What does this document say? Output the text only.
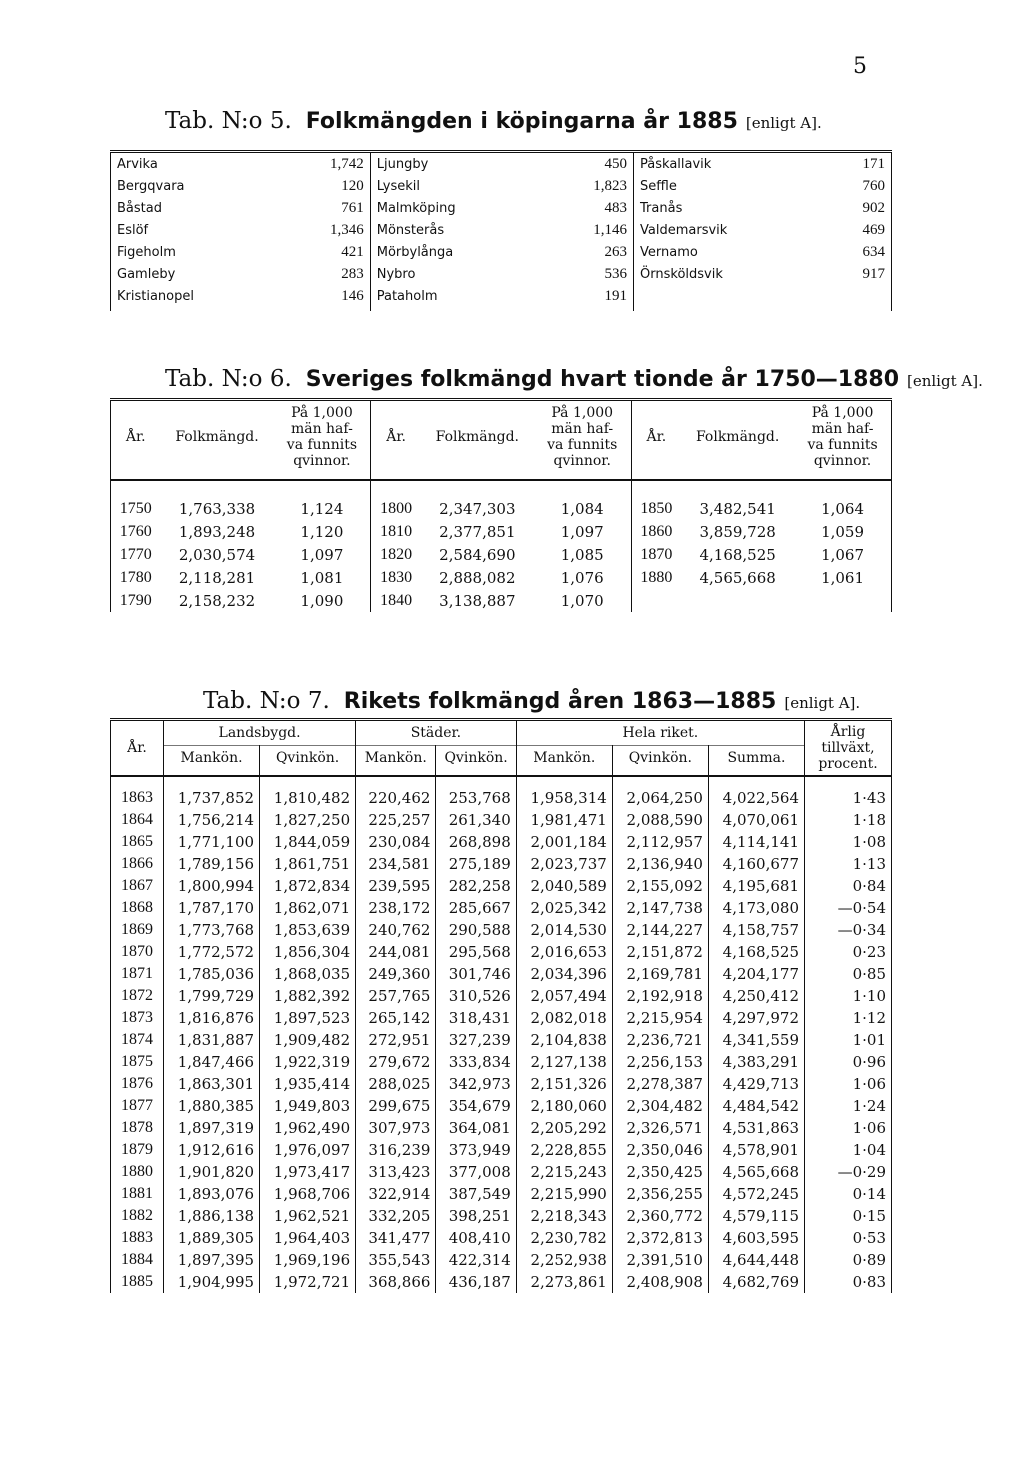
5
Tab. N:o 5. Folkmängden i köpingarna år 1885 [enligt A].
Arvika	1,742	Ljungby	450	Påskallavik	171
Bergqvara	120	Lysekil	1,823	Seffle	760
Båstad	761	Malmköping	483	Tranås	902
Eslöf	1,346	Mönsterås	1,146	Valdemarsvik	469
Figeholm	421	Mörbylånga	263	Vernamo	634
Gamleby	283	Nybro	536	Örnsköldsvik	917
Kristianopel	146	Pataholm	191		
Tab. N:o 6. Sveriges folkmängd hvart tionde år 1750—1880 [enligt A].
År.	Folkmängd.	På 1,000
män haf-
va funnits
qvinnor.	År.	Folkmängd.	På 1,000
män haf-
va funnits
qvinnor.	År.	Folkmängd.	På 1,000
män haf-
va funnits
qvinnor.

1750	1,763,338	1,124	1800	2,347,303	1,084	1850	3,482,541	1,064
1760	1,893,248	1,120	1810	2,377,851	1,097	1860	3,859,728	1,059
1770	2,030,574	1,097	1820	2,584,690	1,085	1870	4,168,525	1,067
1780	2,118,281	1,081	1830	2,888,082	1,076	1880	4,565,668	1,061
1790	2,158,232	1,090	1840	3,138,887	1,070			
Tab. N:o 7. Rikets folkmängd åren 1863—1885 [enligt A].
År.	Landsbygd.		Städer.		Hela riket.			Årlig
tillväxt,
procent.
	Mankön.	Qvinkön.	Mankön.	Qvinkön.	Mankön.	Qvinkön.	Summa.	

1863	1,737,852	1,810,482	220,462	253,768	1,958,314	2,064,250	4,022,564	1·43
1864	1,756,214	1,827,250	225,257	261,340	1,981,471	2,088,590	4,070,061	1·18
1865	1,771,100	1,844,059	230,084	268,898	2,001,184	2,112,957	4,114,141	1·08
1866	1,789,156	1,861,751	234,581	275,189	2,023,737	2,136,940	4,160,677	1·13
1867	1,800,994	1,872,834	239,595	282,258	2,040,589	2,155,092	4,195,681	0·84
1868	1,787,170	1,862,071	238,172	285,667	2,025,342	2,147,738	4,173,080	—0·54
1869	1,773,768	1,853,639	240,762	290,588	2,014,530	2,144,227	4,158,757	—0·34
1870	1,772,572	1,856,304	244,081	295,568	2,016,653	2,151,872	4,168,525	0·23
1871	1,785,036	1,868,035	249,360	301,746	2,034,396	2,169,781	4,204,177	0·85
1872	1,799,729	1,882,392	257,765	310,526	2,057,494	2,192,918	4,250,412	1·10
1873	1,816,876	1,897,523	265,142	318,431	2,082,018	2,215,954	4,297,972	1·12
1874	1,831,887	1,909,482	272,951	327,239	2,104,838	2,236,721	4,341,559	1·01
1875	1,847,466	1,922,319	279,672	333,834	2,127,138	2,256,153	4,383,291	0·96
1876	1,863,301	1,935,414	288,025	342,973	2,151,326	2,278,387	4,429,713	1·06
1877	1,880,385	1,949,803	299,675	354,679	2,180,060	2,304,482	4,484,542	1·24
1878	1,897,319	1,962,490	307,973	364,081	2,205,292	2,326,571	4,531,863	1·06
1879	1,912,616	1,976,097	316,239	373,949	2,228,855	2,350,046	4,578,901	1·04
1880	1,901,820	1,973,417	313,423	377,008	2,215,243	2,350,425	4,565,668	—0·29
1881	1,893,076	1,968,706	322,914	387,549	2,215,990	2,356,255	4,572,245	0·14
1882	1,886,138	1,962,521	332,205	398,251	2,218,343	2,360,772	4,579,115	0·15
1883	1,889,305	1,964,403	341,477	408,410	2,230,782	2,372,813	4,603,595	0·53
1884	1,897,395	1,969,196	355,543	422,314	2,252,938	2,391,510	4,644,448	0·89
1885	1,904,995	1,972,721	368,866	436,187	2,273,861	2,408,908	4,682,769	0·83
